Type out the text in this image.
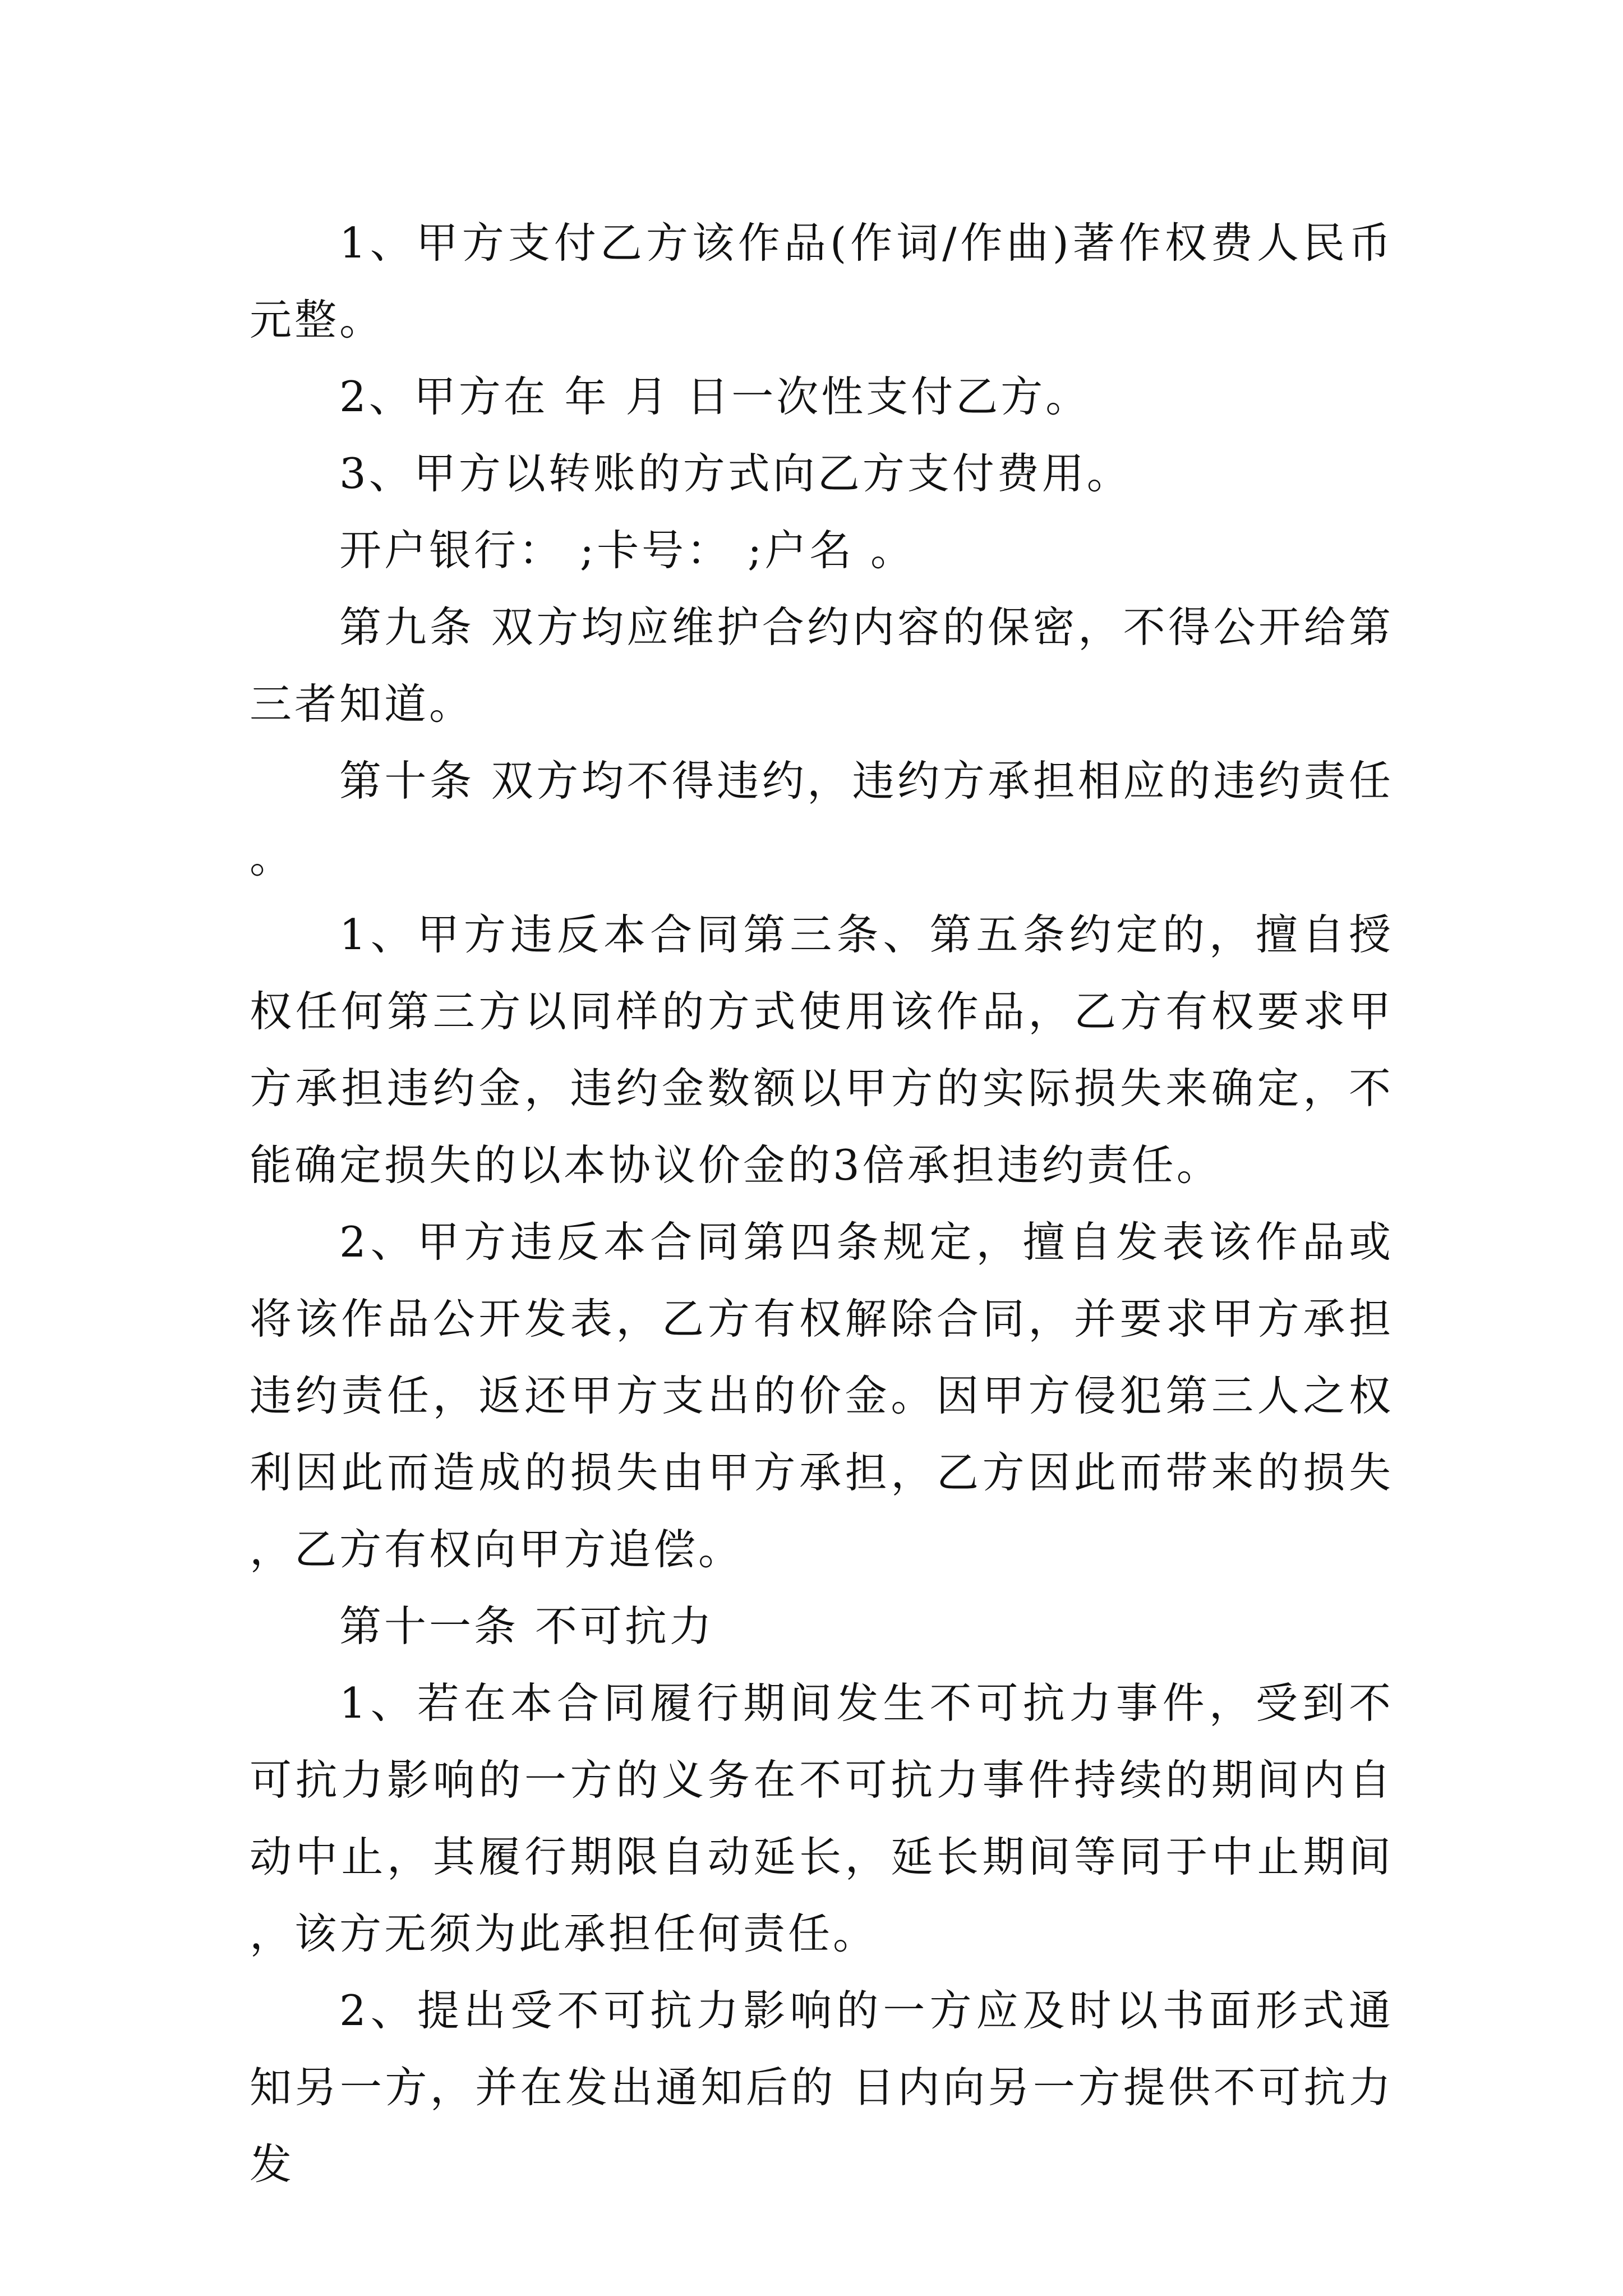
1、甲方支付乙方该作品(作词/作曲)著作权费人民币元整。

2、甲方在 年 月 日一次性支付乙方。

3、甲方以转账的方式向乙方支付费用。

开户银行： ;卡号： ;户名 。

第九条 双方均应维护合约内容的保密，不得公开给第三者知道。

第十条 双方均不得违约，违约方承担相应的违约责任。

1、甲方违反本合同第三条、第五条约定的，擅自授权任何第三方以同样的方式使用该作品，乙方有权要求甲方承担违约金，违约金数额以甲方的实际损失来确定，不能确定损失的以本协议价金的3倍承担违约责任。

2、甲方违反本合同第四条规定，擅自发表该作品或将该作品公开发表，乙方有权解除合同，并要求甲方承担违约责任，返还甲方支出的价金。因甲方侵犯第三人之权利因此而造成的损失由甲方承担，乙方因此而带来的损失，乙方有权向甲方追偿。

第十一条 不可抗力

1、若在本合同履行期间发生不可抗力事件，受到不可抗力影响的一方的义务在不可抗力事件持续的期间内自动中止，其履行期限自动延长，延长期间等同于中止期间，该方无须为此承担任何责任。

2、提出受不可抗力影响的一方应及时以书面形式通知另一方，并在发出通知后的 日内向另一方提供不可抗力发
